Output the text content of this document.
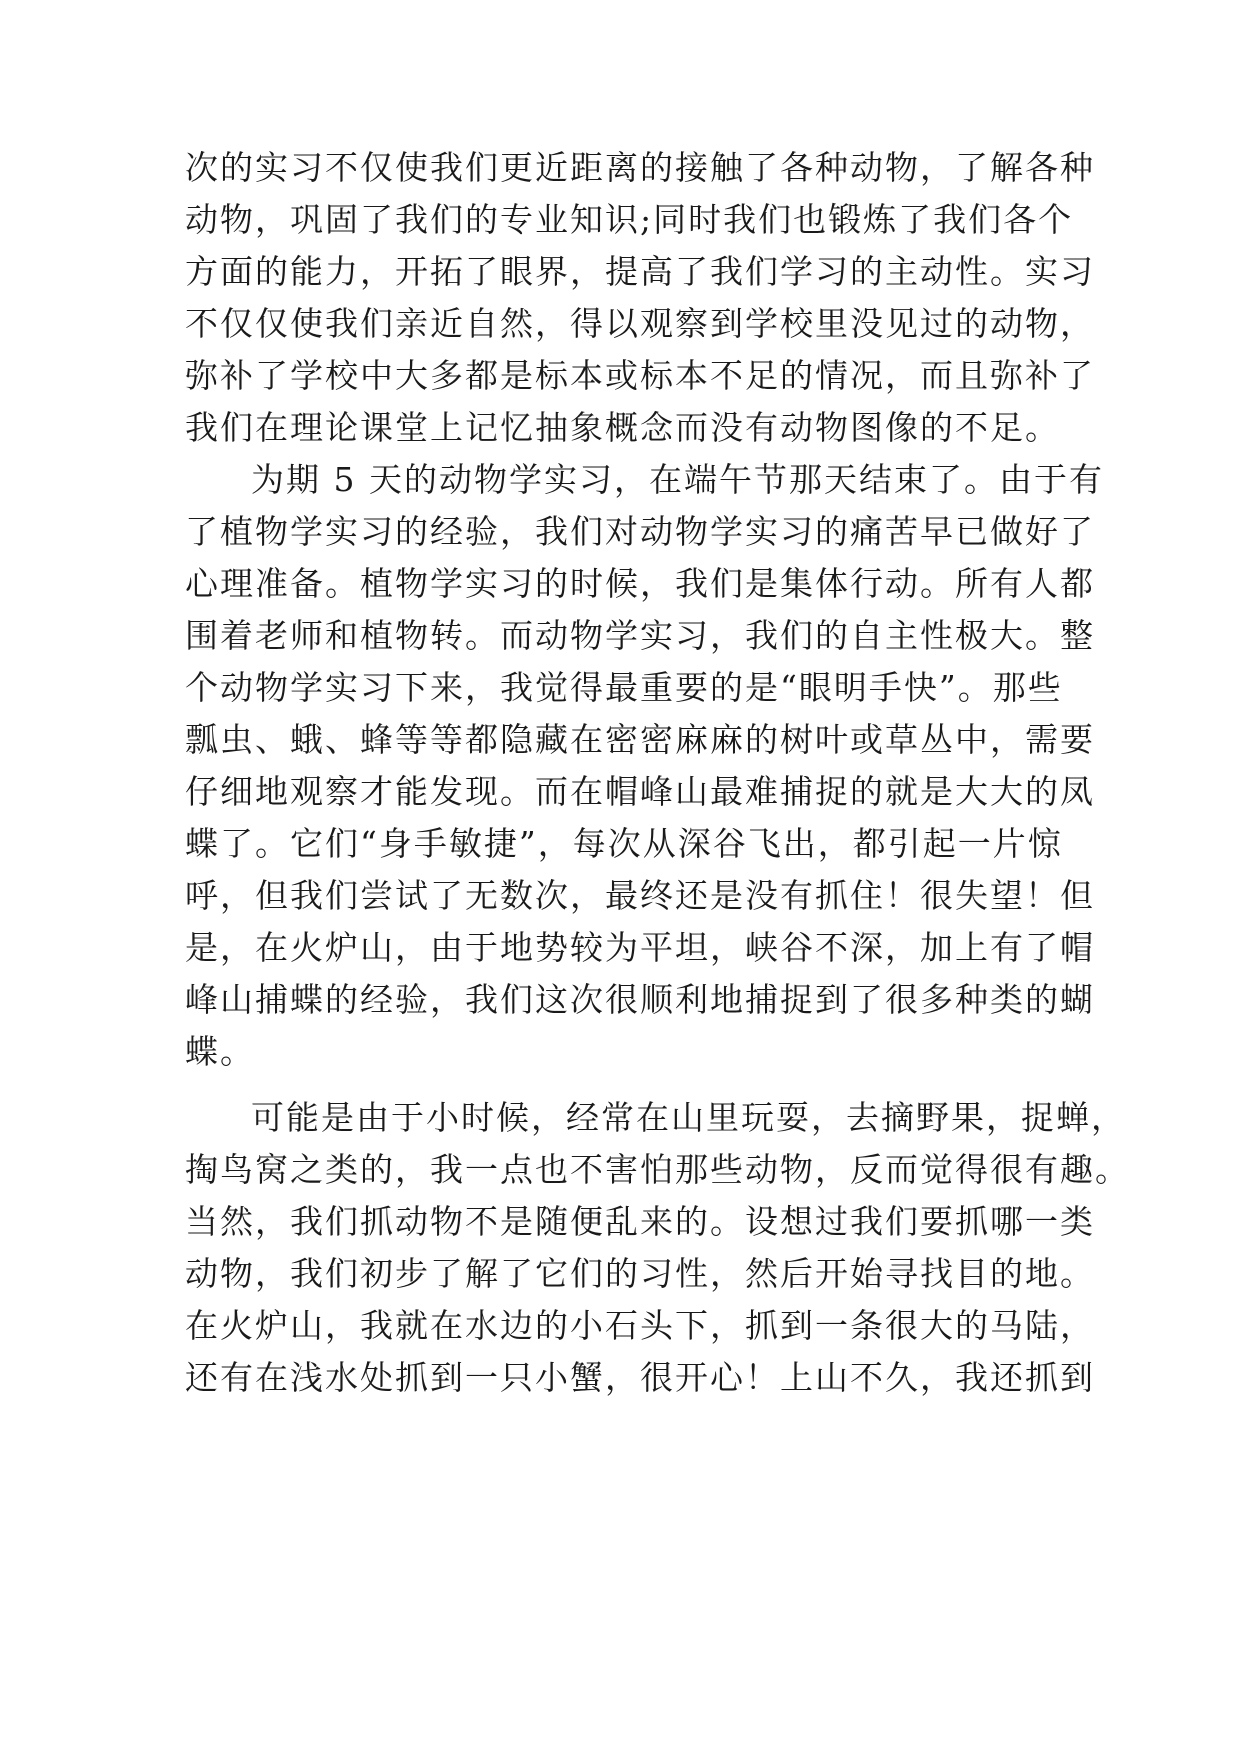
次的实习不仅使我们更近距离的接触了各种动物，了解各种
动物，巩固了我们的专业知识;同时我们也锻炼了我们各个
方面的能力，开拓了眼界，提高了我们学习的主动性。实习
不仅仅使我们亲近自然，得以观察到学校里没见过的动物，
弥补了学校中大多都是标本或标本不足的情况，而且弥补了
我们在理论课堂上记忆抽象概念而没有动物图像的不足。
为期 5 天的动物学实习，在端午节那天结束了。由于有
了植物学实习的经验，我们对动物学实习的痛苦早已做好了
心理准备。植物学实习的时候，我们是集体行动。所有人都
围着老师和植物转。而动物学实习，我们的自主性极大。整
个动物学实习下来，我觉得最重要的是“眼明手快”。那些
瓢虫、蛾、蜂等等都隐藏在密密麻麻的树叶或草丛中，需要
仔细地观察才能发现。而在帽峰山最难捕捉的就是大大的凤
蝶了。它们“身手敏捷”，每次从深谷飞出，都引起一片惊
呼，但我们尝试了无数次，最终还是没有抓住！很失望！但
是，在火炉山，由于地势较为平坦，峡谷不深，加上有了帽
峰山捕蝶的经验，我们这次很顺利地捕捉到了很多种类的蝴
蝶。
可能是由于小时候，经常在山里玩耍，去摘野果，捉蝉，
掏鸟窝之类的，我一点也不害怕那些动物，反而觉得很有趣。
当然，我们抓动物不是随便乱来的。设想过我们要抓哪一类
动物，我们初步了解了它们的习性，然后开始寻找目的地。
在火炉山，我就在水边的小石头下，抓到一条很大的马陆，
还有在浅水处抓到一只小蟹，很开心！上山不久，我还抓到
